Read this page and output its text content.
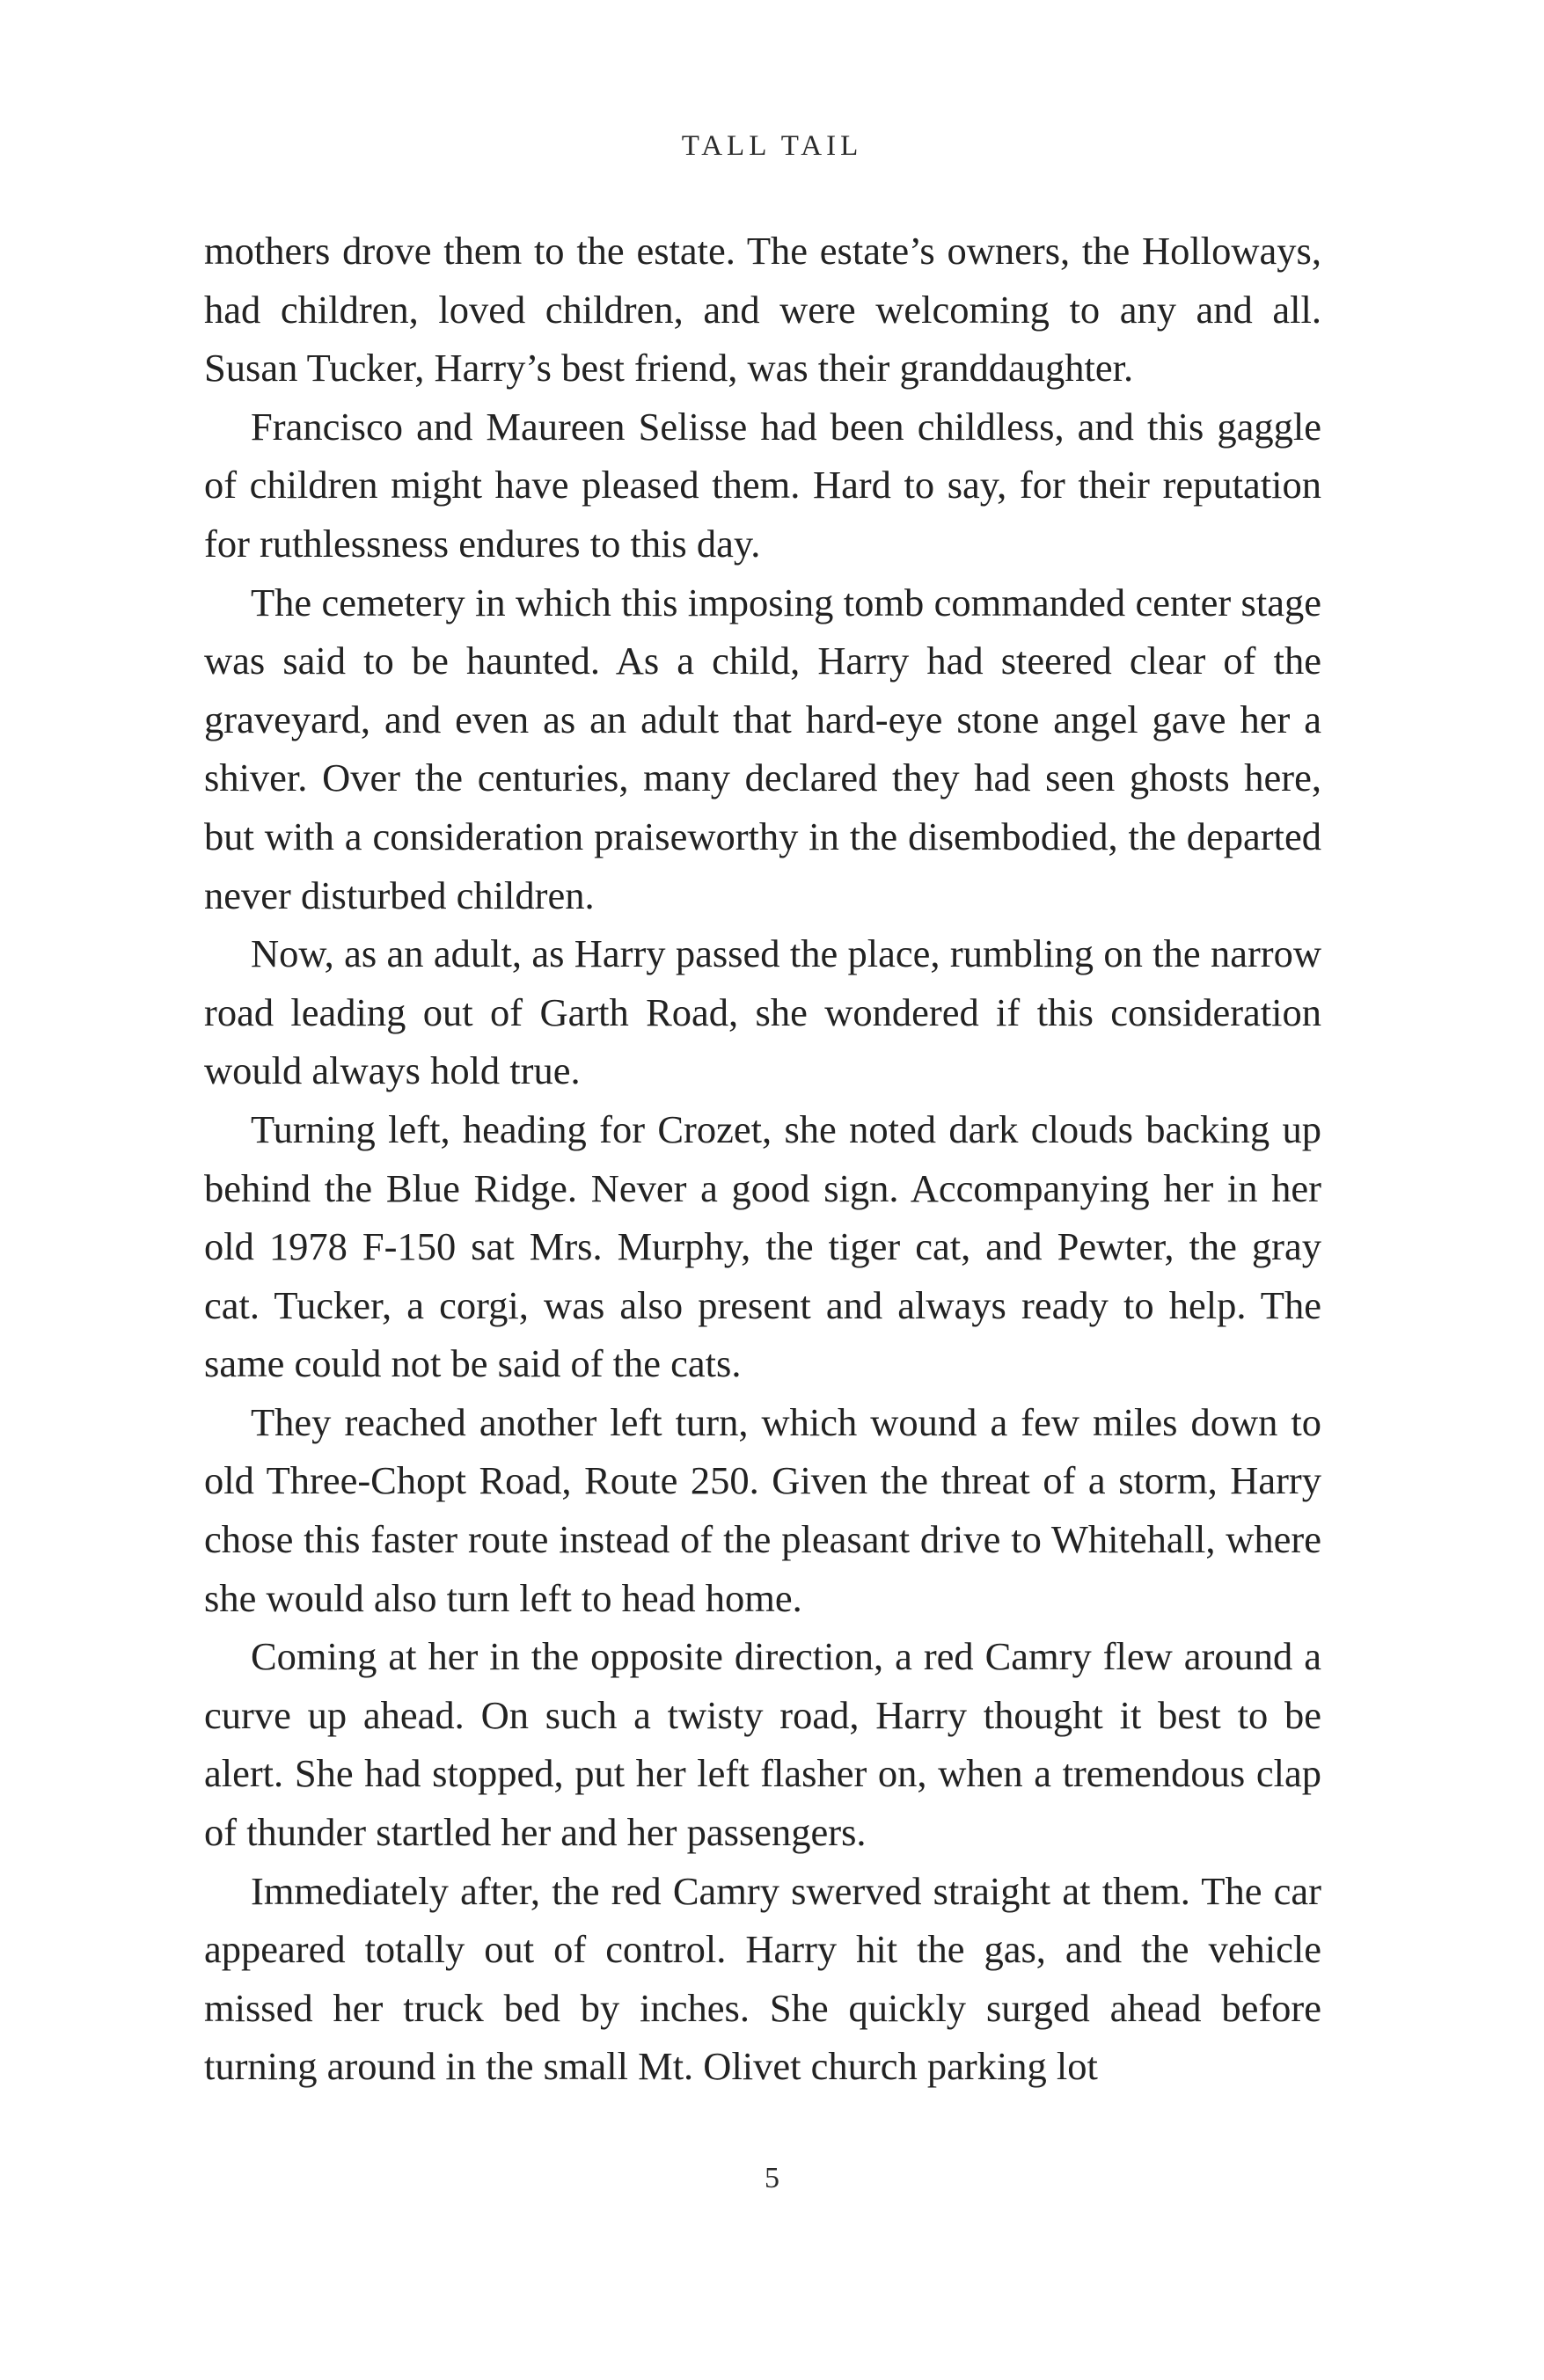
TALL TAIL

mothers drove them to the estate. The estate’s owners, the Holloways, had children, loved children, and were welcoming to any and all. Susan Tucker, Harry’s best friend, was their granddaughter.

Francisco and Maureen Selisse had been childless, and this gaggle of children might have pleased them. Hard to say, for their reputation for ruthlessness endures to this day.

The cemetery in which this imposing tomb commanded center stage was said to be haunted. As a child, Harry had steered clear of the graveyard, and even as an adult that hard-eye stone angel gave her a shiver. Over the centuries, many declared they had seen ghosts here, but with a consideration praiseworthy in the disembodied, the departed never disturbed children.

Now, as an adult, as Harry passed the place, rumbling on the narrow road leading out of Garth Road, she wondered if this consideration would always hold true.

Turning left, heading for Crozet, she noted dark clouds backing up behind the Blue Ridge. Never a good sign. Accompanying her in her old 1978 F-150 sat Mrs. Murphy, the tiger cat, and Pewter, the gray cat. Tucker, a corgi, was also present and always ready to help. The same could not be said of the cats.

They reached another left turn, which wound a few miles down to old Three-Chopt Road, Route 250. Given the threat of a storm, Harry chose this faster route instead of the pleasant drive to Whitehall, where she would also turn left to head home.

Coming at her in the opposite direction, a red Camry flew around a curve up ahead. On such a twisty road, Harry thought it best to be alert. She had stopped, put her left flasher on, when a tremendous clap of thunder startled her and her passengers.

Immediately after, the red Camry swerved straight at them. The car appeared totally out of control. Harry hit the gas, and the vehicle missed her truck bed by inches. She quickly surged ahead before turning around in the small Mt. Olivet church parking lot

5
